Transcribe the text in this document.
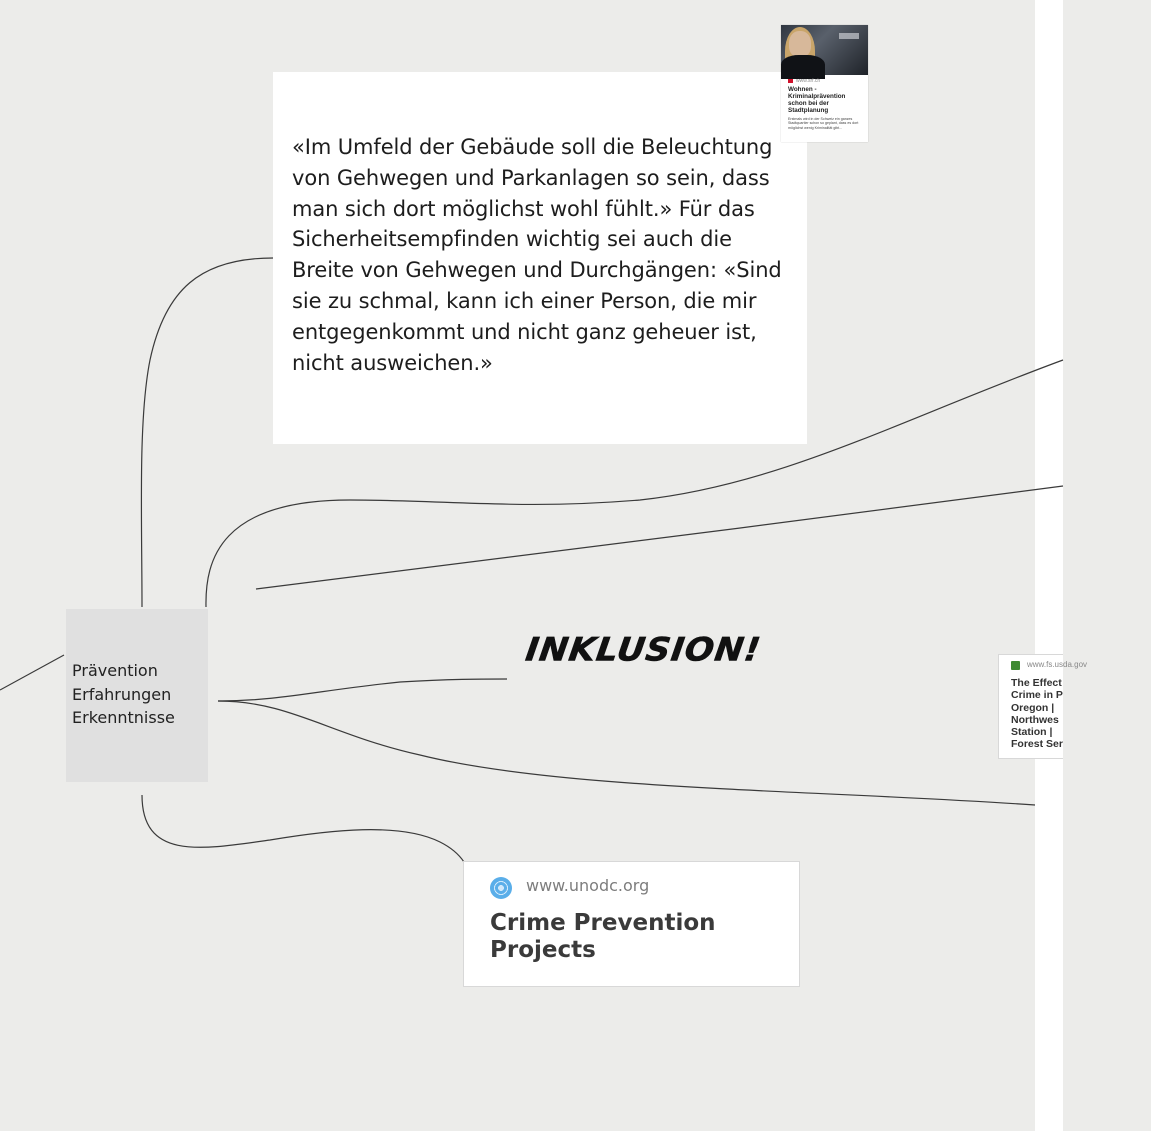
«Im Umfeld der Gebäude soll die Beleuchtung von Gehwegen und Parkanlagen so sein, dass man sich dort möglichst wohl fühlt.» Für das Sicherheitsempfinden wichtig sei auch die Breite von Gehwegen und Durchgängen: «Sind sie zu schmal, kann ich einer Person, die mir entgegenkommt und nicht ganz geheuer ist, nicht ausweichen.»
www.srf.ch
Wohnen - Kriminalprävention schon bei der Stadtplanung
Erstmals wird in der Schweiz ein ganzes Stadtquartier schon so geplant, dass es dort möglichst wenig Kriminalität gibt...
Prävention
Erfahrungen
Erkenntnisse
INKLUSION!
www.unodc.org
Crime Prevention Projects
www.fs.usda.gov
The Effect
Crime in P
Oregon |
Northwes
Station |
Forest Ser
